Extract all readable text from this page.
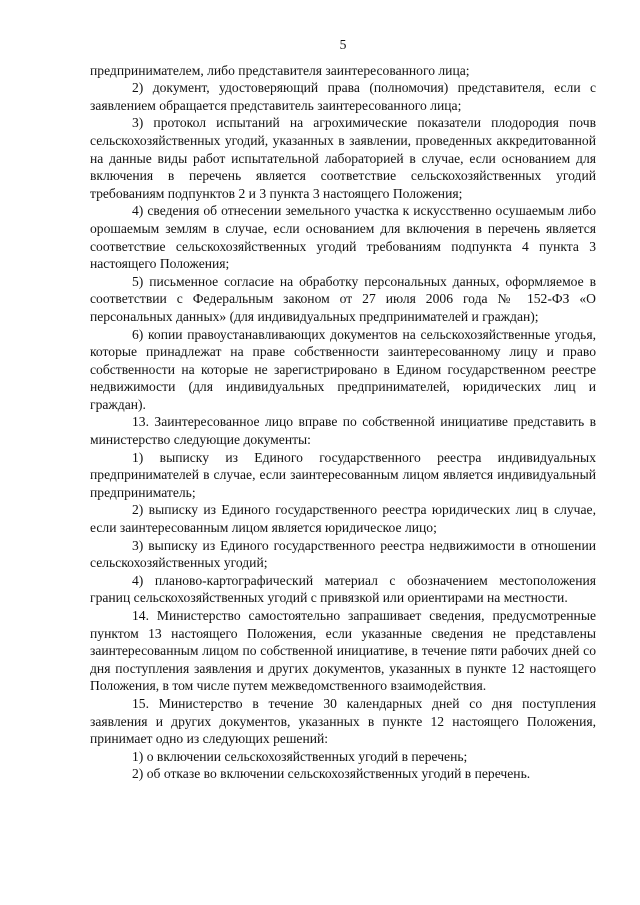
5

предпринимателем, либо представителя заинтересованного лица;

2) документ, удостоверяющий права (полномочия) представителя, если с заявлением обращается представитель заинтересованного лица;

3) протокол испытаний на агрохимические показатели плодородия почв сельскохозяйственных угодий, указанных в заявлении, проведенных аккредитованной на данные виды работ испытательной лабораторией в случае, если основанием для включения в перечень является соответствие сельскохозяйственных угодий требованиям подпунктов 2 и 3 пункта 3 настоящего Положения;

4) сведения об отнесении земельного участка к искусственно осушаемым либо орошаемым землям в случае, если основанием для включения в перечень является соответствие сельскохозяйственных угодий требованиям подпункта 4 пункта 3 настоящего Положения;

5) письменное согласие на обработку персональных данных, оформляемое в соответствии с Федеральным законом от 27 июля 2006 года № 152-ФЗ «О персональных данных» (для индивидуальных предпринимателей и граждан);

6) копии правоустанавливающих документов на сельскохозяйственные угодья, которые принадлежат на праве собственности заинтересованному лицу и право собственности на которые не зарегистрировано в Едином государственном реестре недвижимости (для индивидуальных предпринимателей, юридических лиц и граждан).

13. Заинтересованное лицо вправе по собственной инициативе представить в министерство следующие документы:

1) выписку из Единого государственного реестра индивидуальных предпринимателей в случае, если заинтересованным лицом является индивидуальный предприниматель;

2) выписку из Единого государственного реестра юридических лиц в случае, если заинтересованным лицом является юридическое лицо;

3) выписку из Единого государственного реестра недвижимости в отношении сельскохозяйственных угодий;

4) планово-картографический материал с обозначением местоположения границ сельскохозяйственных угодий с привязкой или ориентирами на местности.

14. Министерство самостоятельно запрашивает сведения, предусмотренные пунктом 13 настоящего Положения, если указанные сведения не представлены заинтересованным лицом по собственной инициативе, в течение пяти рабочих дней со дня поступления заявления и других документов, указанных в пункте 12 настоящего Положения, в том числе путем межведомственного взаимодействия.

15. Министерство в течение 30 календарных дней со дня поступления заявления и других документов, указанных в пункте 12 настоящего Положения, принимает одно из следующих решений:

1) о включении сельскохозяйственных угодий в перечень;

2) об отказе во включении сельскохозяйственных угодий в перечень.
